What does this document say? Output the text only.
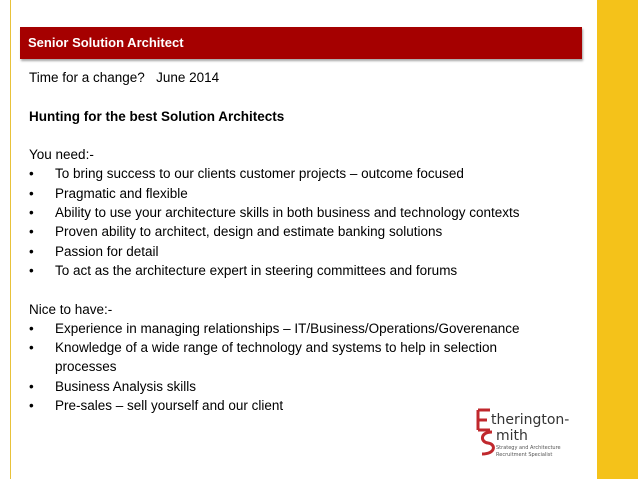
Senior Solution Architect
Time for a change?   June 2014
Hunting for the best Solution Architects
You need:-
•	To bring success to our clients customer projects – outcome focused
•	Pragmatic and flexible
•	Ability to use your architecture skills in both business and technology contexts
•	Proven ability to architect, design and estimate banking solutions
•	Passion for detail
•	To act as the architecture expert in steering committees and forums
Nice to have:-
•	Experience in managing relationships – IT/Business/Operations/Goverenance
•	Knowledge of a wide range of technology and systems to help in selection
processes
•	Business Analysis skills
•	Pre-sales – sell yourself and our client
therington-
mith
Strategy and Architecture
Recruitment Specialist
